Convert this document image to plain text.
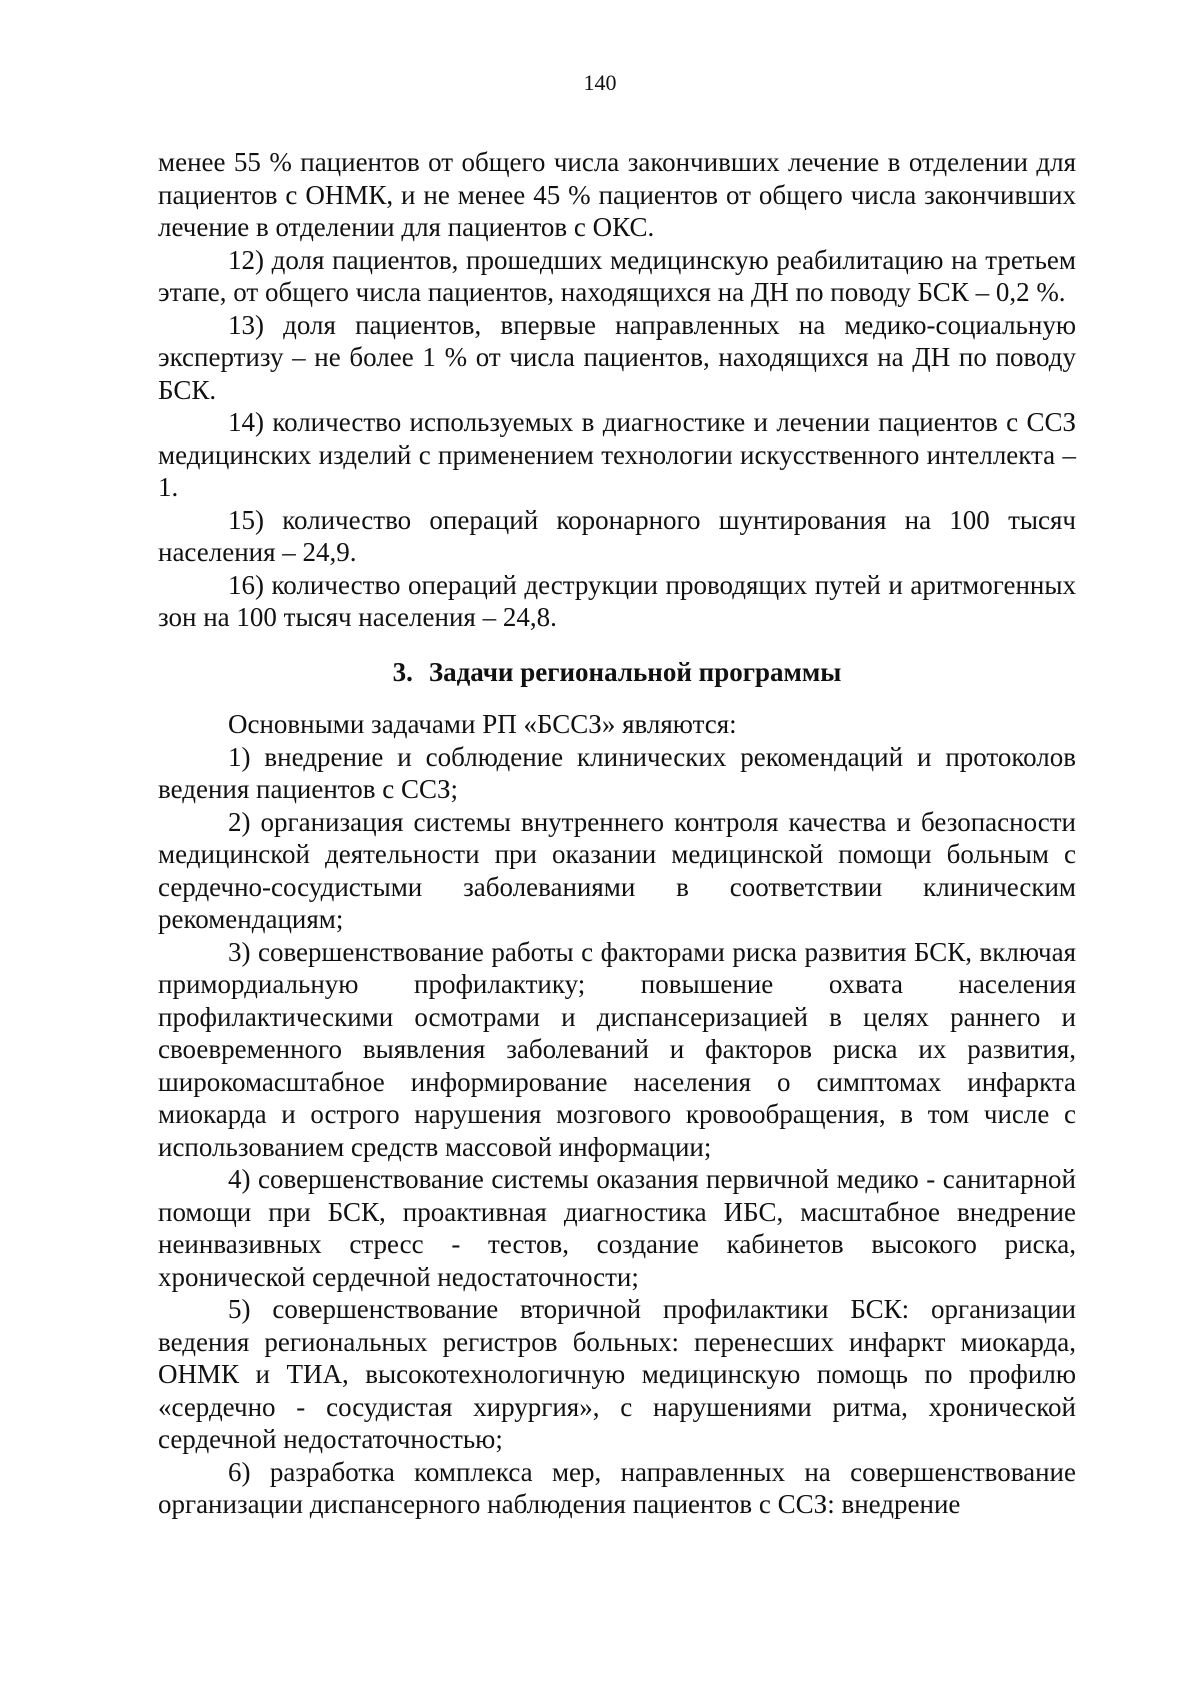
140

менее 55 % пациентов от общего числа закончивших лечение в отделении для пациентов с ОНМК, и не менее 45 % пациентов от общего числа закончивших лечение в отделении для пациентов с ОКС.

12) доля пациентов, прошедших медицинскую реабилитацию на третьем этапе, от общего числа пациентов, находящихся на ДН по поводу БСК – 0,2 %.

13) доля пациентов, впервые направленных на медико-социальную экспертизу – не более 1 % от числа пациентов, находящихся на ДН по поводу БСК.

14) количество используемых в диагностике и лечении пациентов с ССЗ медицинских изделий с применением технологии искусственного интеллекта – 1.

15) количество операций коронарного шунтирования на 100 тысяч населения – 24,9.

16) количество операций деструкции проводящих путей и аритмогенных зон на 100 тысяч населения – 24,8.

3. Задачи региональной программы

Основными задачами РП «БССЗ» являются:

1) внедрение и соблюдение клинических рекомендаций и протоколов ведения пациентов с ССЗ;

2) организация системы внутреннего контроля качества и безопасности медицинской деятельности при оказании медицинской помощи больным с сердечно-сосудистыми заболеваниями в соответствии клиническим рекомендациям;

3) совершенствование работы с факторами риска развития БСК, включая примордиальную профилактику; повышение охвата населения профилактическими осмотрами и диспансеризацией в целях раннего и своевременного выявления заболеваний и факторов риска их развития, широкомасштабное информирование населения о симптомах инфаркта миокарда и острого нарушения мозгового кровообращения, в том числе с использованием средств массовой информации;

4) совершенствование системы оказания первичной медико - санитарной помощи при БСК, проактивная диагностика ИБС, масштабное внедрение неинвазивных стресс - тестов, создание кабинетов высокого риска, хронической сердечной недостаточности;

5) совершенствование вторичной профилактики БСК: организации ведения региональных регистров больных: перенесших инфаркт миокарда, ОНМК и ТИА, высокотехнологичную медицинскую помощь по профилю «сердечно - сосудистая хирургия», с нарушениями ритма, хронической сердечной недостаточностью;

6) разработка комплекса мер, направленных на совершенствование организации диспансерного наблюдения пациентов с ССЗ: внедрение
